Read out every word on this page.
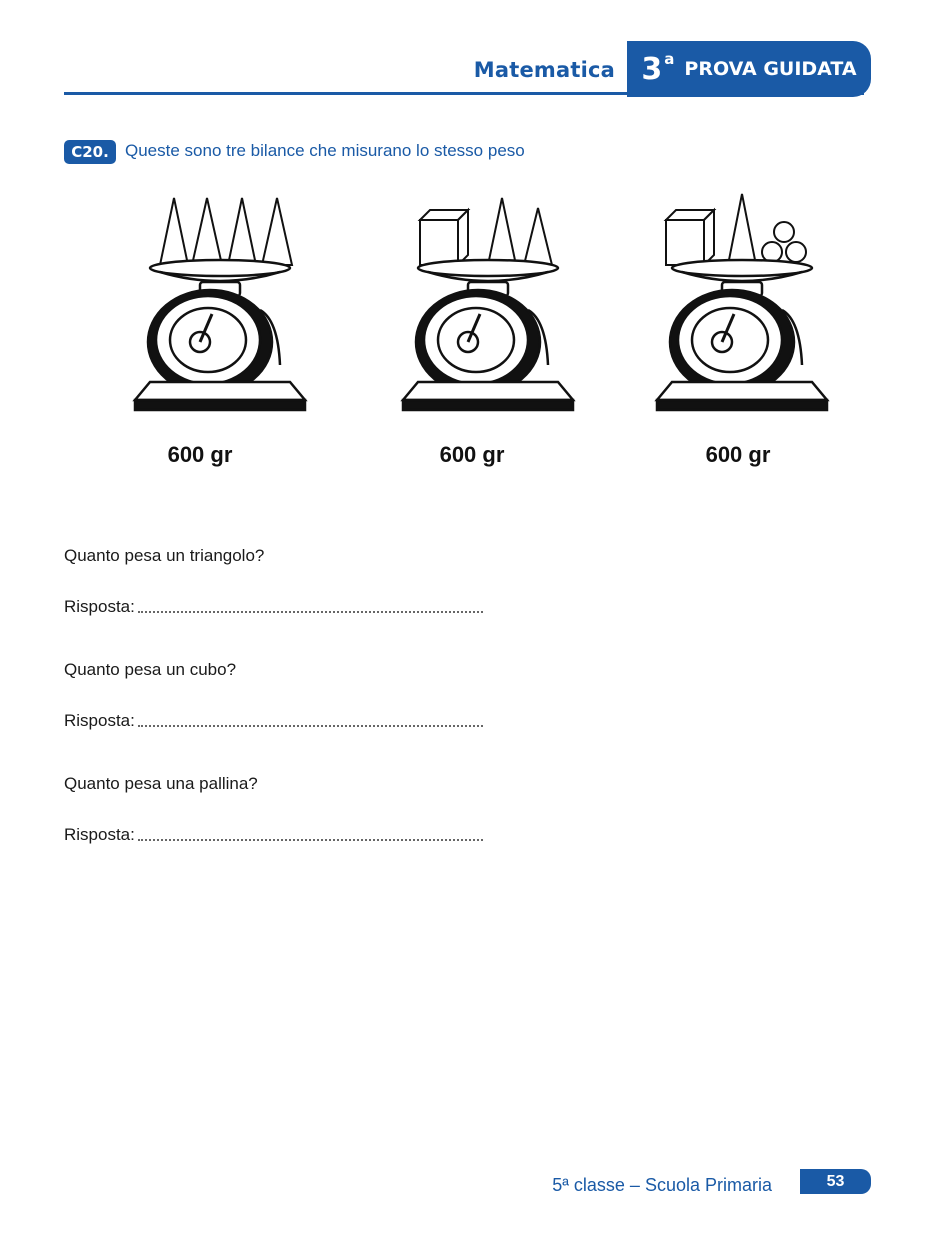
Matematica 3 a PROVA GUIDATA
C20. Queste sono tre bilance che misurano lo stesso peso
600 gr	600 gr	600 gr
Quanto pesa un triangolo?
Risposta:
Quanto pesa un cubo?
Risposta:
Quanto pesa una pallina?
Risposta:
5ª classe – Scuola Primaria	53
